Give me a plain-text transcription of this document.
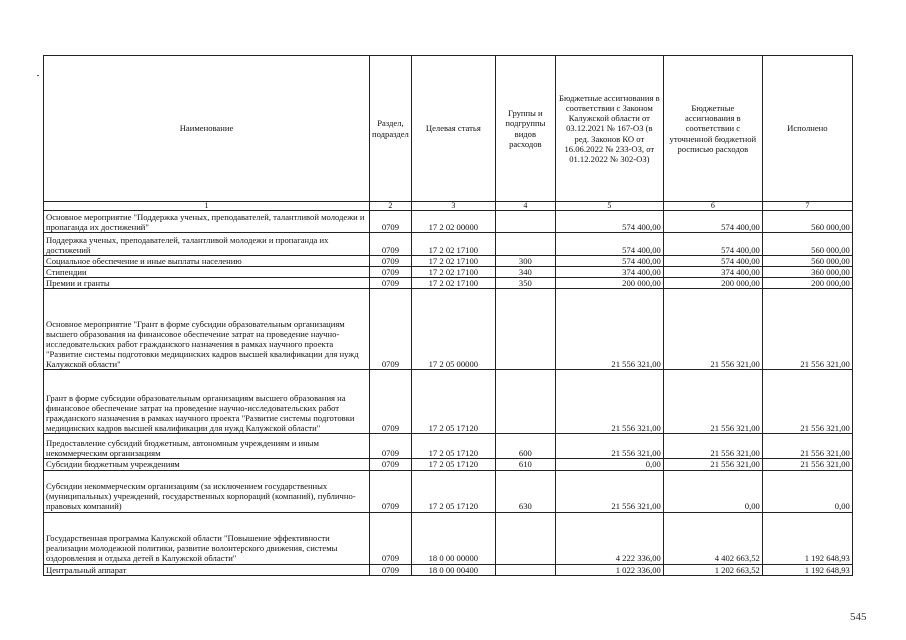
Наименование	Раздел, подраздел	Целевая статья	Группы и подгруппы видов расходов	Бюджетные ассигнования в соответствии с Законом Калужской области от 03.12.2021 № 167-ОЗ (в ред. Законов КО от 16.06.2022 № 233-ОЗ, от 01.12.2022 № 302-ОЗ)	Бюджетные ассигнования в соответствии с уточненной бюджетной росписью расходов	Исполнено
1	2	3	4	5	6	7
Основное мероприятие "Поддержка ученых, преподавателей, талантливой молодежи и пропаганда их достижений"	0709	17 2 02 00000		574 400,00	574 400,00	560 000,00
Поддержка ученых, преподавателей, талантливой молодежи и пропаганда их достижений	0709	17 2 02 17100		574 400,00	574 400,00	560 000,00
Социальное обеспечение и иные выплаты населению	0709	17 2 02 17100	300	574 400,00	574 400,00	560 000,00
Стипендии	0709	17 2 02 17100	340	374 400,00	374 400,00	360 000,00
Премии и гранты	0709	17 2 02 17100	350	200 000,00	200 000,00	200 000,00
Основное мероприятие "Грант в форме субсидии образовательным организациям высшего образования на финансовое обеспечение затрат на проведение научно-исследовательских работ гражданского назначения в рамках научного проекта "Развитие системы подготовки медицинских кадров высшей квалификации для нужд Калужской области"	0709	17 2 05 00000		21 556 321,00	21 556 321,00	21 556 321,00
Грант в форме субсидии образовательным организациям высшего образования на финансовое обеспечение затрат на проведение научно-исследовательских работ гражданского назначения в рамках научного проекта "Развитие системы подготовки медицинских кадров высшей квалификации для нужд Калужской области"	0709	17 2 05 17120		21 556 321,00	21 556 321,00	21 556 321,00
Предоставление субсидий бюджетным, автономным учреждениям и иным некоммерческим организациям	0709	17 2 05 17120	600	21 556 321,00	21 556 321,00	21 556 321,00
Субсидии бюджетным учреждениям	0709	17 2 05 17120	610	0,00	21 556 321,00	21 556 321,00
Субсидии некоммерческим организациям (за исключением государственных (муниципальных) учреждений, государственных корпораций (компаний), публично-правовых компаний)	0709	17 2 05 17120	630	21 556 321,00	0,00	0,00
Государственная программа Калужской области "Повышение эффективности реализации молодежной политики, развитие волонтерского движения, системы оздоровления и отдыха детей в Калужской области"	0709	18 0 00 00000		4 222 336,00	4 402 663,52	1 192 648,93
Центральный аппарат	0709	18 0 00 00400		1 022 336,00	1 202 663,52	1 192 648,93
545
